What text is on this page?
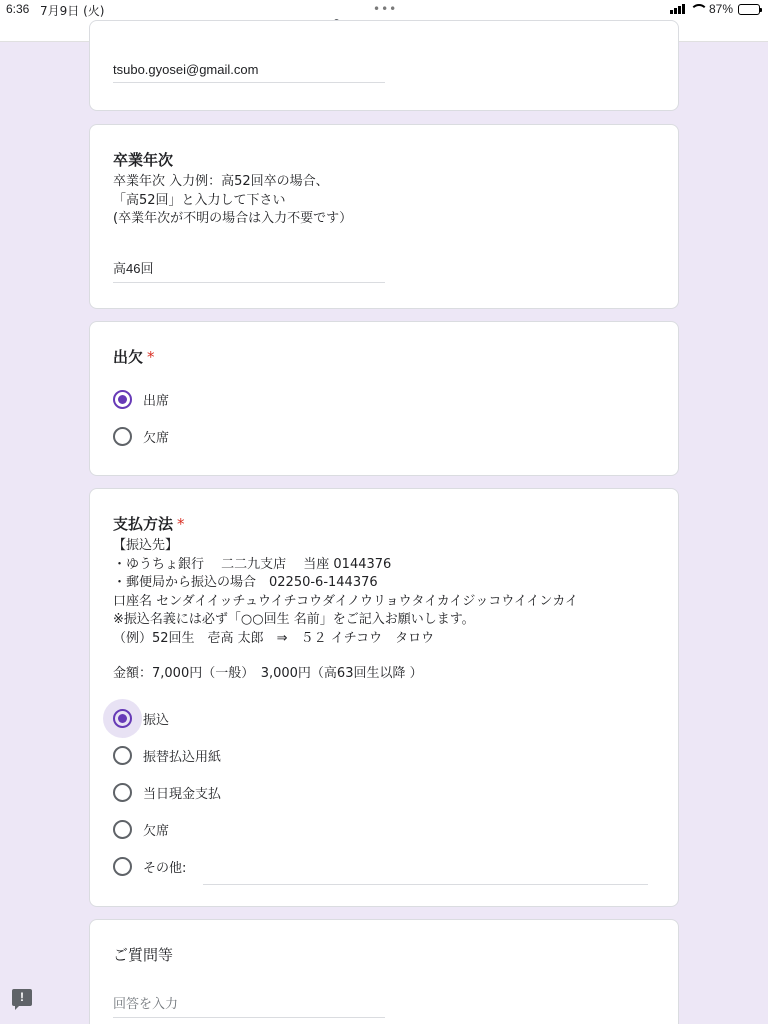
6:36 7月9日 (火)	•••	87%
tsubo.gyosei@gmail.com
卒業年次
卒業年次 入力例：高52回卒の場合、
「高52回」と入力して下さい
(卒業年次が不明の場合は入力不要です）
高46回
出欠 *
出席
欠席
支払方法 *
【振込先】
・ゆうちょ銀行　 二二九支店　 当座 0144376
・郵便局から振込の場合　02250-6-144376
口座名 センダイイッチュウイチコウダイノウリョウタイカイジッコウイインカイ
※振込名義には必ず「○○回生 名前」をご記入お願いします。
（例）52回生　壱高 太郎　⇒　５２ イチコウ　タロウ
金額：7,000円（一般）　3,000円（高63回生以降 ）
振込
振替払込用紙
当日現金支払
欠席
その他:
ご質問等
回答を入力
!
